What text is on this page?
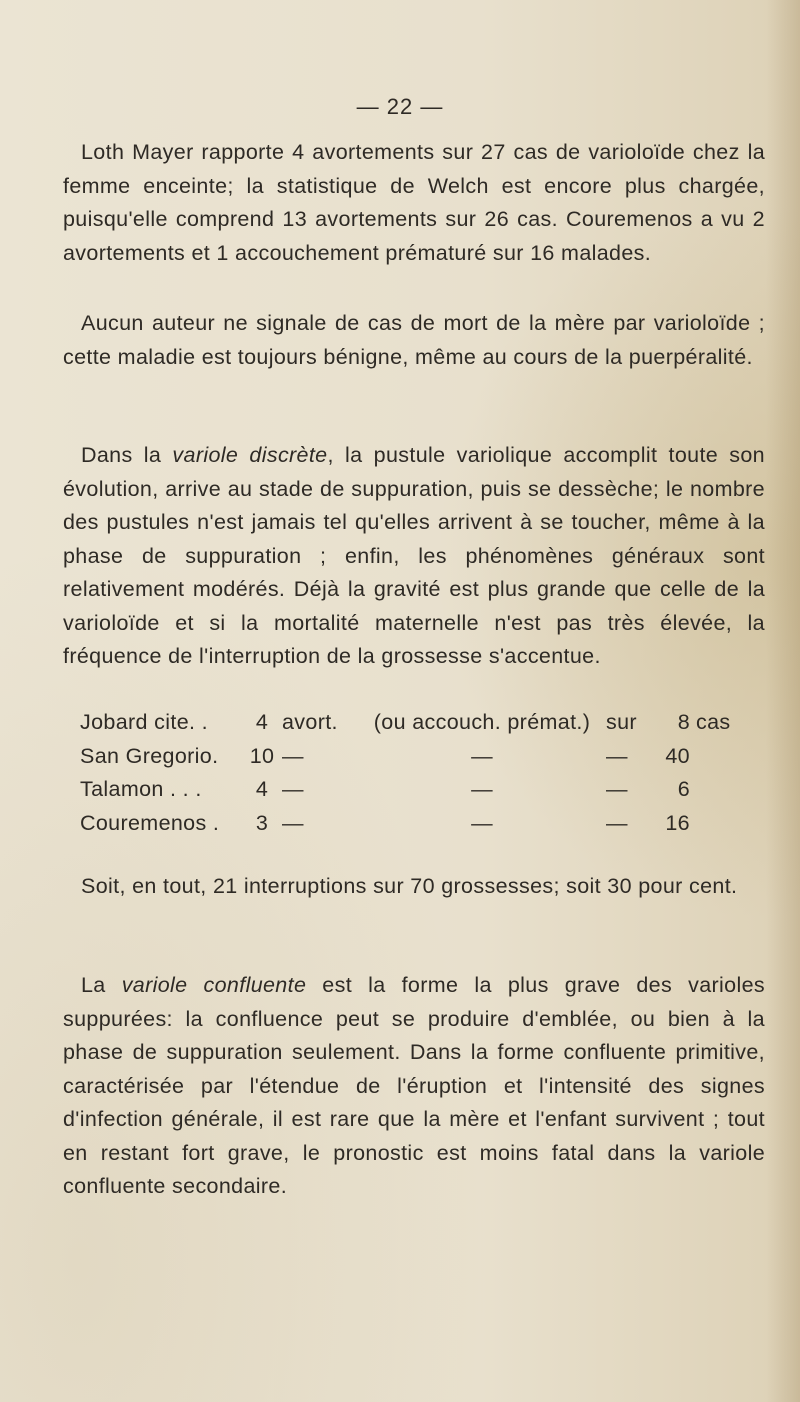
— 22 —

Loth Mayer rapporte 4 avortements sur 27 cas de varioloïde chez la femme enceinte; la statistique de Welch est encore plus chargée, puisqu'elle comprend 13 avortements sur 26 cas. Couremenos a vu 2 avortements et 1 accouchement prématuré sur 16 malades.

Aucun auteur ne signale de cas de mort de la mère par varioloïde ; cette maladie est toujours bénigne, même au cours de la puerpéralité.

Dans la variole discrète, la pustule variolique accomplit toute son évolution, arrive au stade de suppuration, puis se dessèche; le nombre des pustules n'est jamais tel qu'elles arrivent à se toucher, même à la phase de suppuration ; enfin, les phénomènes généraux sont relativement modérés. Déjà la gravité est plus grande que celle de la varioloïde et si la mortalité maternelle n'est pas très élevée, la fréquence de l'interruption de la grossesse s'accentue.

Jobard cite. .	4	avort.	(ou accouch. prémat.)	sur	8	cas
San Gregorio.	10	—	—	—	40	
Talamon . . .	4	—	—	—	6	
Couremenos .	3	—	—	—	16	

Soit, en tout, 21 interruptions sur 70 grossesses; soit 30 pour cent.

La variole confluente est la forme la plus grave des varioles suppurées: la confluence peut se produire d'emblée, ou bien à la phase de suppuration seulement. Dans la forme confluente primitive, caractérisée par l'étendue de l'éruption et l'intensité des signes d'infection générale, il est rare que la mère et l'enfant survivent ; tout en restant fort grave, le pronostic est moins fatal dans la variole confluente secondaire.
